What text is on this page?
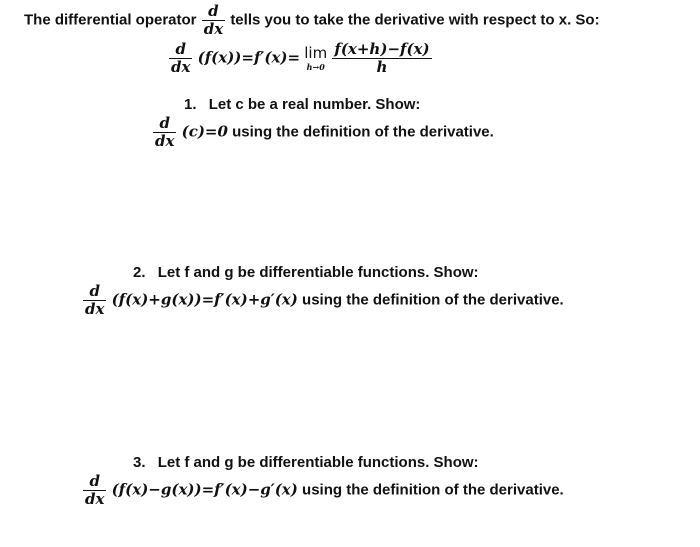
The differential operator $\frac{d}{dx}$ tells you to take the derivative with respect to x. So:
$\frac{d}{dx} (f(x))=f'(x)= \lim$
h→0
$\frac{f(x+h)-f(x)}{h}$
1. Let c be a real number. Show:
$\frac{d}{dx} (c)=0$ using the definition of the derivative.
2. Let f and g be differentiable functions. Show:
$\frac{d}{dx} (f(x)+g(x))=f'(x)+g'(x)$ using the definition of the derivative.
3. Let f and g be differentiable functions. Show:
$\frac{d}{dx} (f(x)-g(x))=f'(x)-g'(x)$ using the definition of the derivative.
